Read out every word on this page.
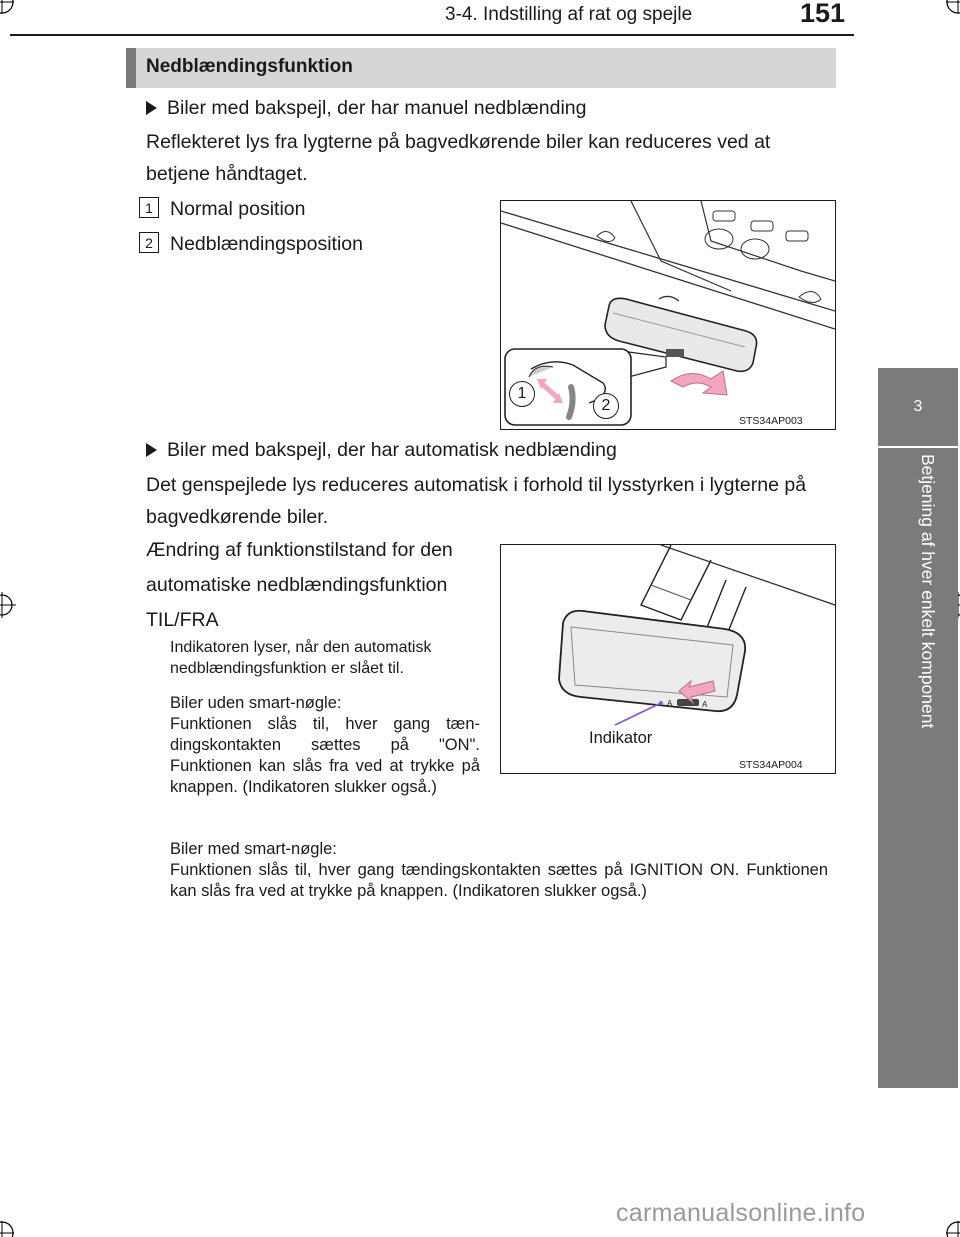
3-4. Indstilling af rat og spejle	151
3
Betjening af hver enkelt komponent
Nedblændingsfunktion
Biler med bakspejl, der har manuel nedblænding
Reflekteret lys fra lygterne på bagvedkørende biler kan reduceres ved at betjene håndtaget.
1 Normal position
2 Nedblændingsposition
1
2
STS34AP003
Biler med bakspejl, der har automatisk nedblænding
Det genspejlede lys reduceres automatisk i forhold til lysstyrken i lygterne på bagvedkørende biler.
Ændring af funktionstilstand for den automatiske nedblændingsfunktion TIL/FRA
Indikatoren lyser, når den automatisk nedblændingsfunktion er slået til.
Biler uden smart-nøgle:
Funktionen slås til, hver gang tæn-dingskontakten sættes på "ON". Funktionen kan slås fra ved at trykke på knappen. (Indikatoren slukker også.)
Biler med smart-nøgle:
Funktionen slås til, hver gang tændingskontakten sættes på IGNITION ON. Funktionen kan slås fra ved at trykke på knappen. (Indikatoren slukker også.)
A	A
Indikator
STS34AP004
carmanualsonline.info
